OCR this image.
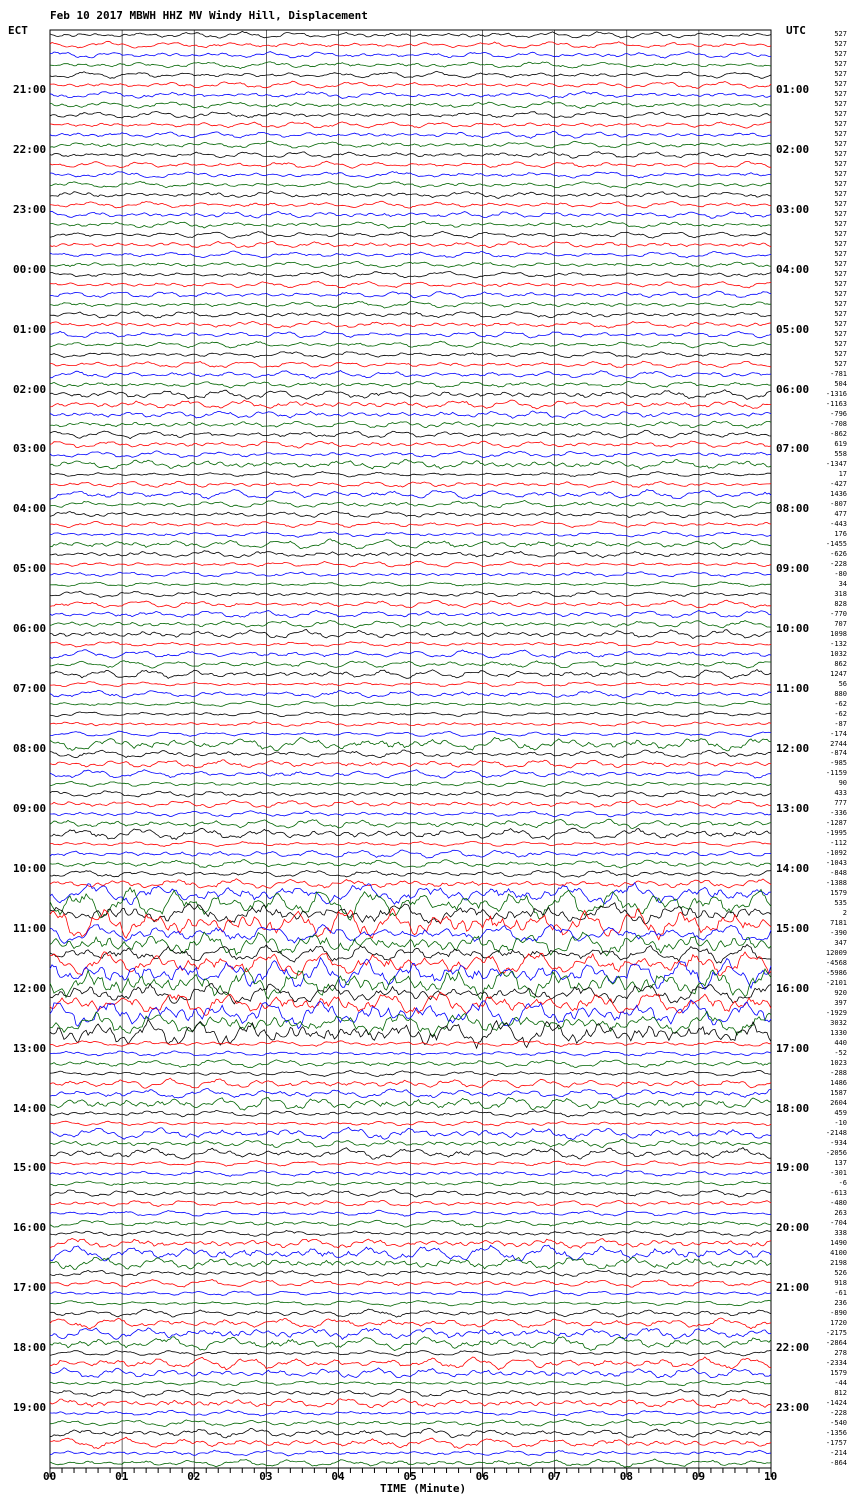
Feb 10 2017 MBWH HHZ MV Windy Hill, Displacement
ECT	UTC
TIME (Minute)
21:00	01:00
22:00	02:00
23:00	03:00
00:00	04:00
01:00	05:00
02:00	06:00
03:00	07:00
04:00	08:00
05:00	09:00
06:00	10:00
07:00	11:00
08:00	12:00
09:00	13:00
10:00	14:00
11:00	15:00
12:00	16:00
13:00	17:00
14:00	18:00
15:00	19:00
16:00	20:00
17:00	21:00
18:00	22:00
19:00	23:00
527
527
527
527
527
527
527
527
527
527
527
527
527
527
527
527
527
527
527
527
527
527
527
527
527
527
527
527
527
527
527
527
527
527
-781
504
-1316
-1163
-796
-708
-862
619
558
-1347
17
-427
1436
-807
477
-443
176
-1455
-626
-228
-80
34
318
828
-770
707
1098
-132
1032
862
1247
56
880
-62
-62
-87
-174
2744
-874
-985
-1159
90
433
777
-336
-1287
-1995
-112
-1092
-1043
-848
-1388
1579
535
2
7181
-390
347
12009
-4568
-5986
-2101
920
397
-1929
3032
1330
440
-52
1023
-288
1486
1587
2604
459
-10
-2148
-934
-2056
137
-301
-6
-613
-480
263
-704
338
1490
4100
2198
526
918
-61
236
-890
1720
-2175
-2864
278
-2334
1579
-44
812
-1424
-228
-540
-1356
-1757
-214
-864
00	01	02	03	04	05	06	07	08	09	10
